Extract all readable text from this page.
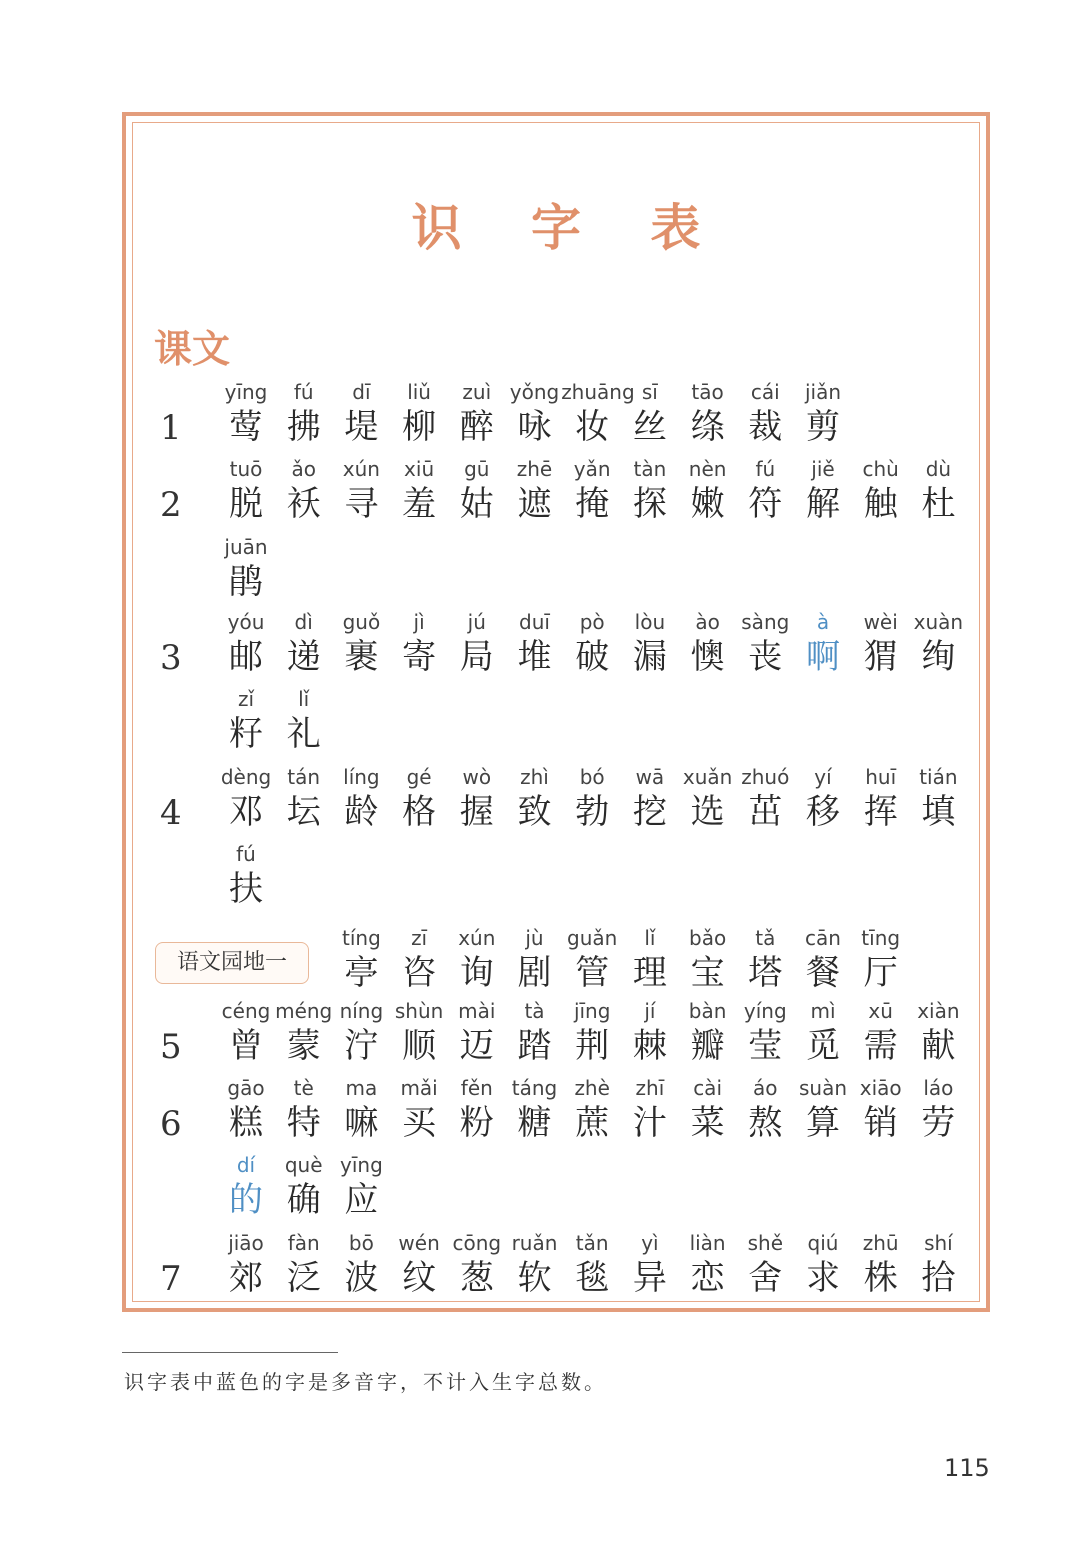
识 字 表
课文
语文园地一
1
yīng
莺
fú
拂
dī
堤
liǔ
柳
zuì
醉
yǒng
咏
zhuāng
妆
sī
丝
tāo
绦
cái
裁
jiǎn
剪
2
tuō
脱
ǎo
袄
xún
寻
xiū
羞
gū
姑
zhē
遮
yǎn
掩
tàn
探
nèn
嫩
fú
符
jiě
解
chù
触
dù
杜
juān
鹃
3
yóu
邮
dì
递
guǒ
裹
jì
寄
jú
局
duī
堆
pò
破
lòu
漏
ào
懊
sàng
丧
à
啊
wèi
猬
xuàn
绚
zǐ
籽
lǐ
礼
4
dèng
邓
tán
坛
líng
龄
gé
格
wò
握
zhì
致
bó
勃
wā
挖
xuǎn
选
zhuó
茁
yí
移
huī
挥
tián
填
fú
扶
tíng
亭
zī
咨
xún
询
jù
剧
guǎn
管
lǐ
理
bǎo
宝
tǎ
塔
cān
餐
tīng
厅
5
céng
曾
méng
蒙
níng
泞
shùn
顺
mài
迈
tà
踏
jīng
荆
jí
棘
bàn
瓣
yíng
莹
mì
觅
xū
需
xiàn
献
6
gāo
糕
tè
特
ma
嘛
mǎi
买
fěn
粉
táng
糖
zhè
蔗
zhī
汁
cài
菜
áo
熬
suàn
算
xiāo
销
láo
劳
dí
的
què
确
yīng
应
7
jiāo
郊
fàn
泛
bō
波
wén
纹
cōng
葱
ruǎn
软
tǎn
毯
yì
异
liàn
恋
shě
舍
qiú
求
zhū
株
shí
拾
识字表中蓝色的字是多音字，不计入生字总数。
115
